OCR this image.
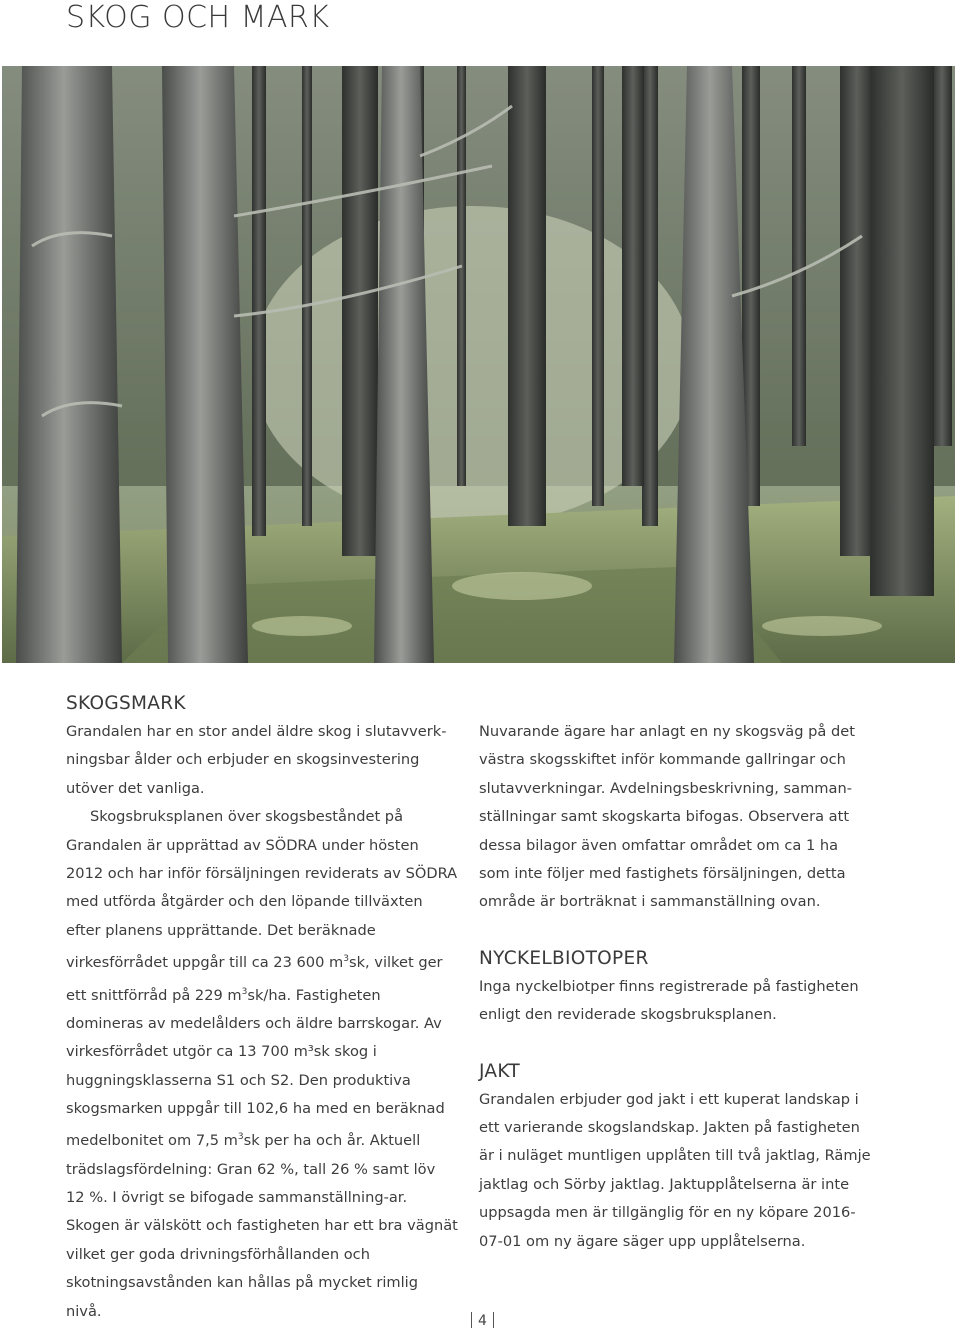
SKOG OCH MARK
SKOGSMARK

Grandalen har en stor andel äldre skog i slutavverk-ningsbar ålder och erbjuder en skogsinvestering utöver det vanliga.

Skogsbruksplanen över skogsbeståndet på Grandalen är upprättad av SÖDRA under hösten 2012 och har inför försäljningen reviderats av SÖDRA med utförda åtgärder och den löpande tillväxten efter planens upprättande. Det beräknade virkesförrådet uppgår till ca 23 600 $m^3sk$, vilket ger ett snittförråd på 229 $m^3sk/ha$. Fastigheten domineras av medelålders och äldre barrskogar. Av virkesförrådet utgör ca 13 700 m³sk skog i huggningsklasserna S1 och S2. Den produktiva skogsmarken uppgår till 102,6 ha med en beräknad medelbonitet om 7,5 $m^3sk$ per ha och år. Aktuell trädslagsfördelning: Gran 62 %, tall 26 % samt löv 12 %. I övrigt se bifogade sammanställning-ar. Skogen är välskött och fastigheten har ett bra vägnät vilket ger goda drivningsförhållanden och skotningsavstånden kan hållas på mycket rimlig nivå.

Nuvarande ägare har anlagt en ny skogsväg på det västra skogsskiftet inför kommande gallringar och slutavverkningar. Avdelningsbeskrivning, samman-ställningar samt skogskarta bifogas. Observera att dessa bilagor även omfattar området om ca 1 ha som inte följer med fastighets försäljningen, detta område är borträknat i sammanställning ovan.

NYCKELBIOTOPER

Inga nyckelbiotper finns registrerade på fastigheten enligt den reviderade skogsbruksplanen.

JAKT

Grandalen erbjuder god jakt i ett kuperat landskap i ett varierande skogslandskap. Jakten på fastigheten är i nuläget muntligen upplåten till två jaktlag, Rämje jaktlag och Sörby jaktlag. Jaktupplåtelserna är inte uppsagda men är tillgänglig för en ny köpare 2016-07-01 om ny ägare säger upp upplåtelserna.

4
